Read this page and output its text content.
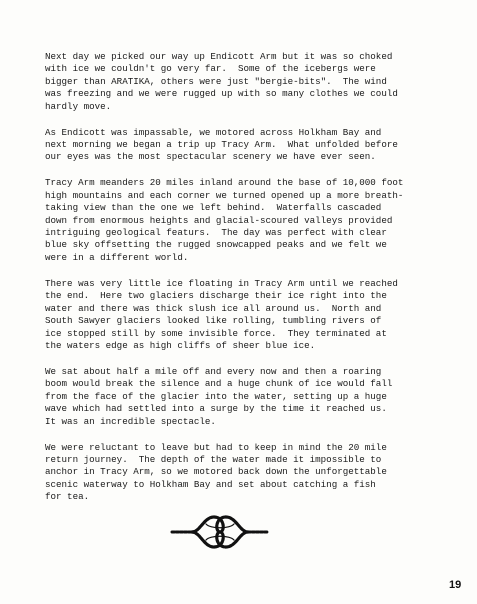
Next day we picked our way up Endicott Arm but it was so choked
with ice we couldn't go very far.  Some of the icebergs were
bigger than ARATIKA, others were just "bergie-bits".  The wind
was freezing and we were rugged up with so many clothes we could
hardly move.

As Endicott was impassable, we motored across Holkham Bay and
next morning we began a trip up Tracy Arm.  What unfolded before
our eyes was the most spectacular scenery we have ever seen.

Tracy Arm meanders 20 miles inland around the base of 10,000 foot
high mountains and each corner we turned opened up a more breath-
taking view than the one we left behind.  Waterfalls cascaded
down from enormous heights and glacial-scoured valleys provided
intriguing geological featurs.  The day was perfect with clear
blue sky offsetting the rugged snowcapped peaks and we felt we
were in a different world.

There was very little ice floating in Tracy Arm until we reached
the end.  Here two glaciers discharge their ice right into the
water and there was thick slush ice all around us.  North and
South Sawyer glaciers looked like rolling, tumbling rivers of
ice stopped still by some invisible force.  They terminated at
the waters edge as high cliffs of sheer blue ice.

We sat about half a mile off and every now and then a roaring
boom would break the silence and a huge chunk of ice would fall
from the face of the glacier into the water, setting up a huge
wave which had settled into a surge by the time it reached us.
It was an incredible spectacle.

We were reluctant to leave but had to keep in mind the 20 mile
return journey.  The depth of the water made it impossible to
anchor in Tracy Arm, so we motored back down the unforgettable
scenic waterway to Holkham Bay and set about catching a fish
for tea.

19
